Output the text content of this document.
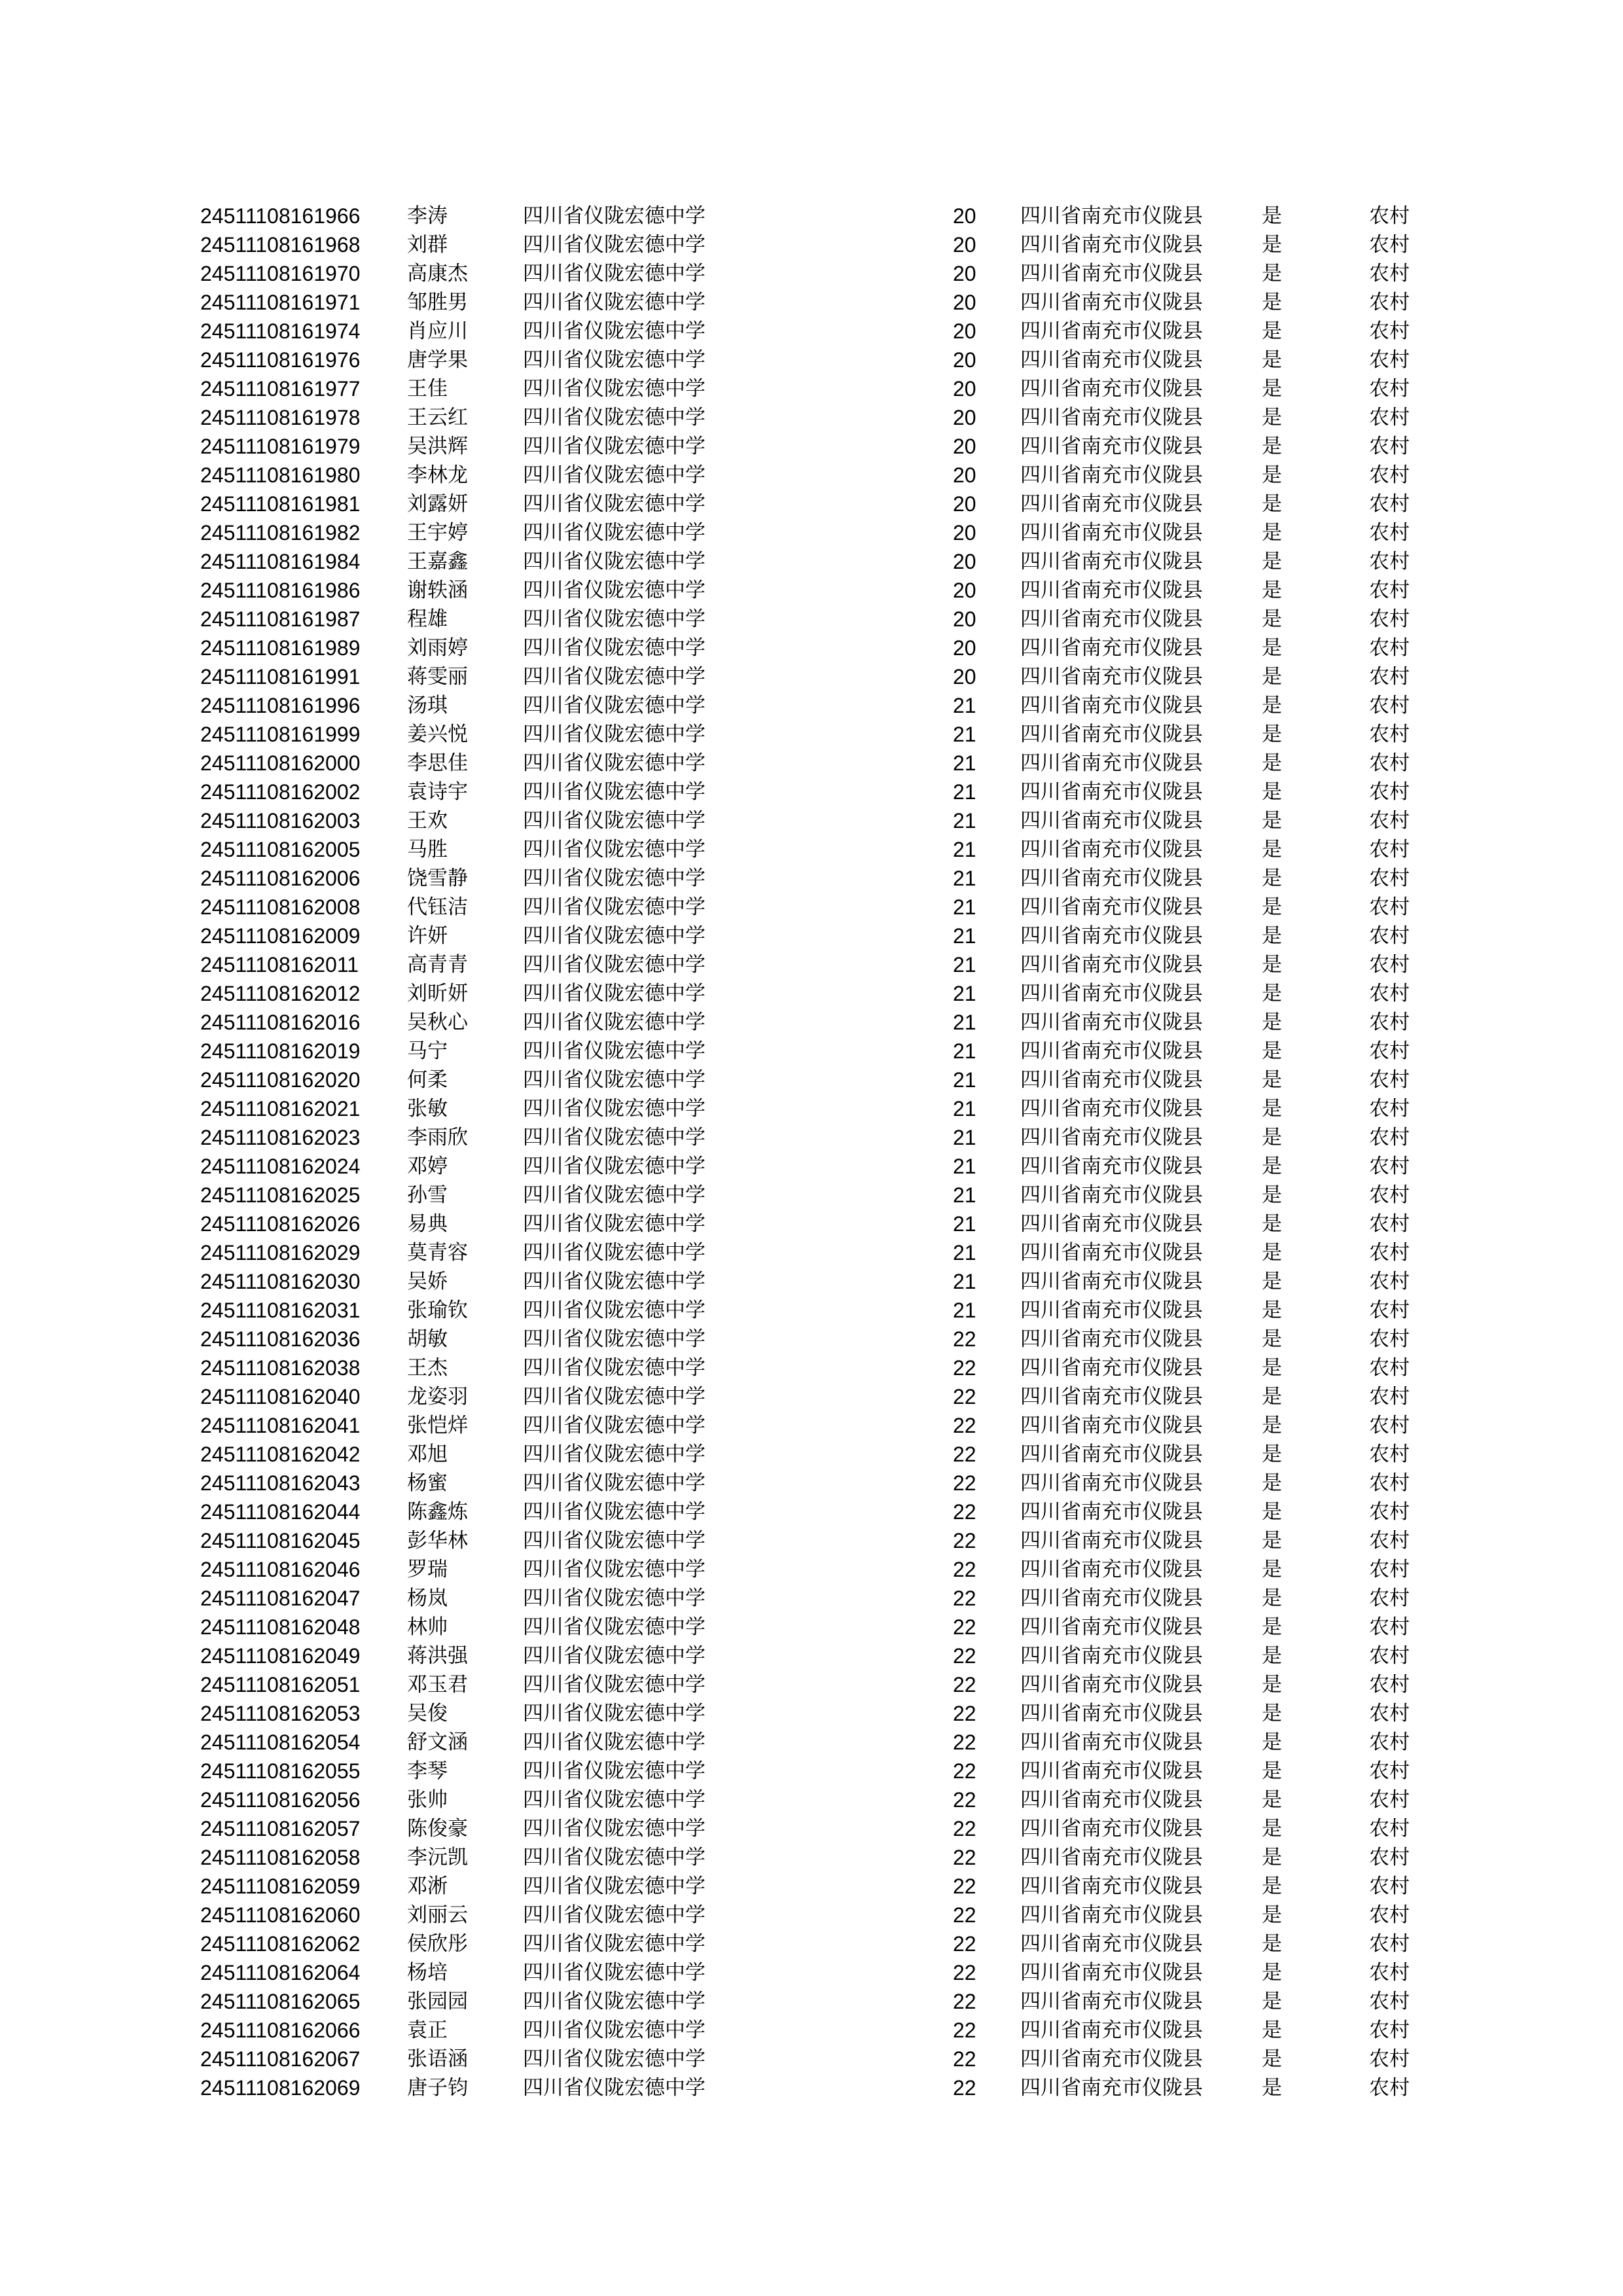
24511108161966 李涛	四川省仪陇宏德中学	20 四川省南充市仪陇县	是	农村
24511108161968 刘群	四川省仪陇宏德中学	20 四川省南充市仪陇县	是	农村
24511108161970 高康杰	四川省仪陇宏德中学	20 四川省南充市仪陇县	是	农村
24511108161971 邹胜男	四川省仪陇宏德中学	20 四川省南充市仪陇县	是	农村
24511108161974 肖应川	四川省仪陇宏德中学	20 四川省南充市仪陇县	是	农村
24511108161976 唐学果	四川省仪陇宏德中学	20 四川省南充市仪陇县	是	农村
24511108161977 王佳	四川省仪陇宏德中学	20 四川省南充市仪陇县	是	农村
24511108161978 王云红	四川省仪陇宏德中学	20 四川省南充市仪陇县	是	农村
24511108161979 吴洪辉	四川省仪陇宏德中学	20 四川省南充市仪陇县	是	农村
24511108161980 李林龙	四川省仪陇宏德中学	20 四川省南充市仪陇县	是	农村
24511108161981 刘露妍	四川省仪陇宏德中学	20 四川省南充市仪陇县	是	农村
24511108161982 王宇婷	四川省仪陇宏德中学	20 四川省南充市仪陇县	是	农村
24511108161984 王嘉鑫	四川省仪陇宏德中学	20 四川省南充市仪陇县	是	农村
24511108161986 谢轶涵	四川省仪陇宏德中学	20 四川省南充市仪陇县	是	农村
24511108161987 程雄	四川省仪陇宏德中学	20 四川省南充市仪陇县	是	农村
24511108161989 刘雨婷	四川省仪陇宏德中学	20 四川省南充市仪陇县	是	农村
24511108161991 蒋雯丽	四川省仪陇宏德中学	20 四川省南充市仪陇县	是	农村
24511108161996 汤琪	四川省仪陇宏德中学	21 四川省南充市仪陇县	是	农村
24511108161999 姜兴悦	四川省仪陇宏德中学	21 四川省南充市仪陇县	是	农村
24511108162000 李思佳	四川省仪陇宏德中学	21 四川省南充市仪陇县	是	农村
24511108162002 袁诗宇	四川省仪陇宏德中学	21 四川省南充市仪陇县	是	农村
24511108162003 王欢	四川省仪陇宏德中学	21 四川省南充市仪陇县	是	农村
24511108162005 马胜	四川省仪陇宏德中学	21 四川省南充市仪陇县	是	农村
24511108162006 饶雪静	四川省仪陇宏德中学	21 四川省南充市仪陇县	是	农村
24511108162008 代钰洁	四川省仪陇宏德中学	21 四川省南充市仪陇县	是	农村
24511108162009 许妍	四川省仪陇宏德中学	21 四川省南充市仪陇县	是	农村
24511108162011 高青青	四川省仪陇宏德中学	21 四川省南充市仪陇县	是	农村
24511108162012 刘昕妍	四川省仪陇宏德中学	21 四川省南充市仪陇县	是	农村
24511108162016 吴秋心	四川省仪陇宏德中学	21 四川省南充市仪陇县	是	农村
24511108162019 马宁	四川省仪陇宏德中学	21 四川省南充市仪陇县	是	农村
24511108162020 何柔	四川省仪陇宏德中学	21 四川省南充市仪陇县	是	农村
24511108162021 张敏	四川省仪陇宏德中学	21 四川省南充市仪陇县	是	农村
24511108162023 李雨欣	四川省仪陇宏德中学	21 四川省南充市仪陇县	是	农村
24511108162024 邓婷	四川省仪陇宏德中学	21 四川省南充市仪陇县	是	农村
24511108162025 孙雪	四川省仪陇宏德中学	21 四川省南充市仪陇县	是	农村
24511108162026 易典	四川省仪陇宏德中学	21 四川省南充市仪陇县	是	农村
24511108162029 莫青容	四川省仪陇宏德中学	21 四川省南充市仪陇县	是	农村
24511108162030 吴娇	四川省仪陇宏德中学	21 四川省南充市仪陇县	是	农村
24511108162031 张瑜钦	四川省仪陇宏德中学	21 四川省南充市仪陇县	是	农村
24511108162036 胡敏	四川省仪陇宏德中学	22 四川省南充市仪陇县	是	农村
24511108162038 王杰	四川省仪陇宏德中学	22 四川省南充市仪陇县	是	农村
24511108162040 龙姿羽	四川省仪陇宏德中学	22 四川省南充市仪陇县	是	农村
24511108162041 张恺烊	四川省仪陇宏德中学	22 四川省南充市仪陇县	是	农村
24511108162042 邓旭	四川省仪陇宏德中学	22 四川省南充市仪陇县	是	农村
24511108162043 杨蜜	四川省仪陇宏德中学	22 四川省南充市仪陇县	是	农村
24511108162044 陈鑫炼	四川省仪陇宏德中学	22 四川省南充市仪陇县	是	农村
24511108162045 彭华林	四川省仪陇宏德中学	22 四川省南充市仪陇县	是	农村
24511108162046 罗瑞	四川省仪陇宏德中学	22 四川省南充市仪陇县	是	农村
24511108162047 杨岚	四川省仪陇宏德中学	22 四川省南充市仪陇县	是	农村
24511108162048 林帅	四川省仪陇宏德中学	22 四川省南充市仪陇县	是	农村
24511108162049 蒋洪强	四川省仪陇宏德中学	22 四川省南充市仪陇县	是	农村
24511108162051 邓玉君	四川省仪陇宏德中学	22 四川省南充市仪陇县	是	农村
24511108162053 吴俊	四川省仪陇宏德中学	22 四川省南充市仪陇县	是	农村
24511108162054 舒文涵	四川省仪陇宏德中学	22 四川省南充市仪陇县	是	农村
24511108162055 李琴	四川省仪陇宏德中学	22 四川省南充市仪陇县	是	农村
24511108162056 张帅	四川省仪陇宏德中学	22 四川省南充市仪陇县	是	农村
24511108162057 陈俊豪	四川省仪陇宏德中学	22 四川省南充市仪陇县	是	农村
24511108162058 李沅凯	四川省仪陇宏德中学	22 四川省南充市仪陇县	是	农村
24511108162059 邓淅	四川省仪陇宏德中学	22 四川省南充市仪陇县	是	农村
24511108162060 刘丽云	四川省仪陇宏德中学	22 四川省南充市仪陇县	是	农村
24511108162062 侯欣彤	四川省仪陇宏德中学	22 四川省南充市仪陇县	是	农村
24511108162064 杨培	四川省仪陇宏德中学	22 四川省南充市仪陇县	是	农村
24511108162065 张园园	四川省仪陇宏德中学	22 四川省南充市仪陇县	是	农村
24511108162066 袁正	四川省仪陇宏德中学	22 四川省南充市仪陇县	是	农村
24511108162067 张语涵	四川省仪陇宏德中学	22 四川省南充市仪陇县	是	农村
24511108162069 唐子钧	四川省仪陇宏德中学	22 四川省南充市仪陇县	是	农村
